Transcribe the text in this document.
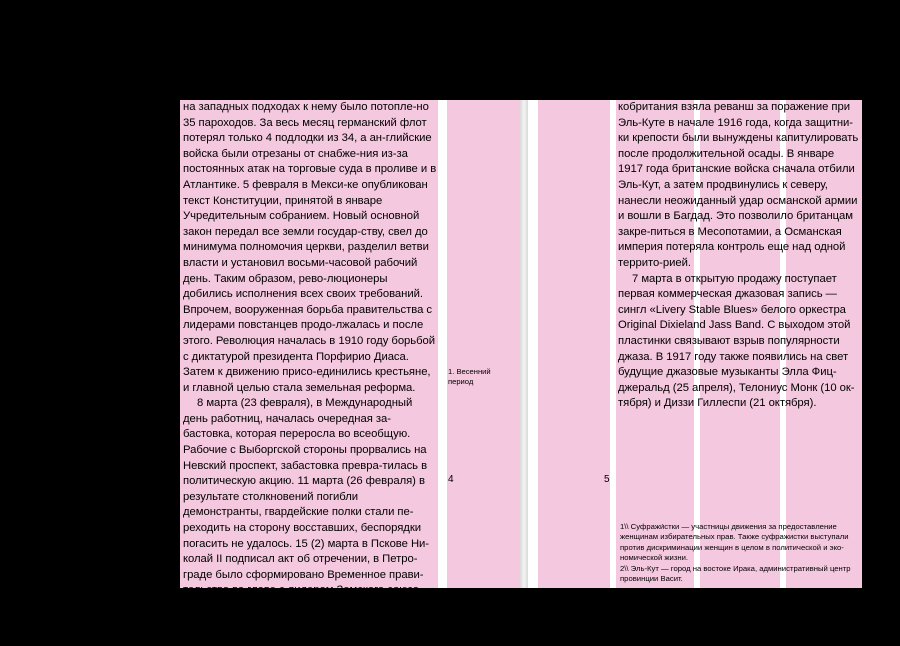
на западных подходах к нему было потопле-но 35 пароходов. За весь месяц германский флот потерял только 4 подлодки из 34, а ан-глийские войска были отрезаны от снабже-ния из-за постоянных атак на торговые суда в проливе и в Атлантике. 5 февраля в Мекси-ке опубликован текст Конституции, принятой в январе Учредительным собранием. Новый основной закон передал все земли государ-ству, свел до минимума полномочия церкви, разделил ветви власти и установил восьми-часовой рабочий день. Таким образом, рево-люционеры добились исполнения всех своих требований. Впрочем, вооруженная борьба правительства с лидерами повстанцев продо-лжалась и после этого. Революция началась в 1910 году борьбой с диктатурой президента Порфирио Диаса. Затем к движению присо-единились крестьяне, и главной целью стала земельная реформа.

8 марта (23 февраля), в Международный день работниц, началась очередная за-бастовка, которая переросла во всеобщую. Рабочие с Выборгской стороны прорвались на Невский проспект, забастовка преврa-тилась в политическую акцию. 11 марта (26 февраля) в результате столкновений погибли демонстранты, гвардейские полки стали пе-реходить на сторону восставших, беспорядки погасить не удалось. 15 (2) марта в Пскове Ни-колай II подписал акт об отречении, в Петро-граде было сформировано Временное прави-тельство во главе с лидером Земского союза князем Георгием Львовым.

11 марта британские войска взяли Багдад, заставив отступить османскую армию. Вели-

1. Весенний период
4

кобритания взяла реванш за поражение при Эль-Куте в начале 1916 года, когда защитни-ки крепости были вынуждены капитулировать после продолжительной осады. В январе 1917 года британские войска сначала отбили Эль-Кут, а затем продвинулись к северу, нанесли неожиданный удар османской армии и вошли в Багдад. Это позволило британцам закре-питься в Месопотамии, а Османская империя потеряла контроль еще над одной террито-рией.

7 марта в открытую продажу поступает первая коммерческая джазовая запись — сингл «Livery Stable Blues» белого оркестра Original Dixieland Jass Band. С выходом этой пластинки связывают взрыв популярности джаза. В 1917 году также появились на свет будущие джазовые музыканты Элла Фиц-джеральд (25 апреля), Телониус Монк (10 ок-тября) и Диззи Гиллеспи (21 октября).

5

1\\ Суфражи́стки — участницы движения за предоставление женщинам избирательных прав. Также суфражистки выступали против дискриминации женщин в целом в политической и эко-номической жизни.

2\\ Эль-Кут — город на востоке Ирака, административный центр провинции Васит.
